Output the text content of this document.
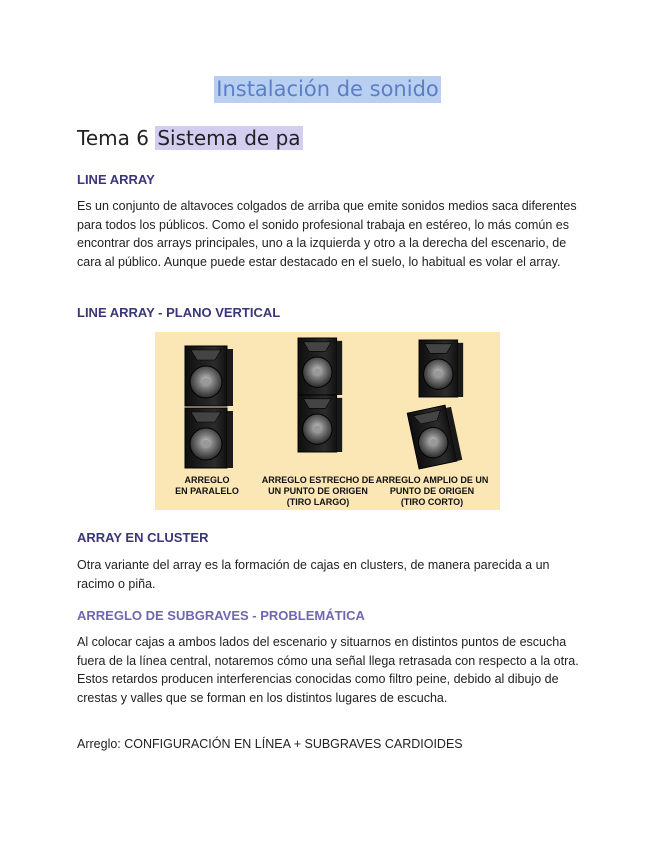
Instalación de sonido
Tema 6 Sistema de pa
LINE ARRAY

Es un conjunto de altavoces colgados de arriba que emite sonidos medios saca diferentes para todos los públicos. Como el sonido profesional trabaja en estéreo, lo más común es encontrar dos arrays principales, uno a la izquierda y otro a la derecha del escenario, de cara al público. Aunque puede estar destacado en el suelo, lo habitual es volar el array.

LINE ARRAY - PLANO VERTICAL
ARREGLO
EN PARALELO
ARREGLO ESTRECHO DE
UN PUNTO DE ORIGEN
(TIRO LARGO)
ARREGLO AMPLIO DE UN
PUNTO DE ORIGEN
(TIRO CORTO)
ARRAY EN CLUSTER

Otra variante del array es la formación de cajas en clusters, de manera parecida a un racimo o piña.

ARREGLO DE SUBGRAVES - PROBLEMÁTICA

Al colocar cajas a ambos lados del escenario y situarnos en distintos puntos de escucha fuera de la línea central, notaremos cómo una señal llega retrasada con respecto a la otra. Estos retardos producen interferencias conocidas como filtro peine, debido al dibujo de crestas y valles que se forman en los distintos lugares de escucha.

Arreglo: CONFIGURACIÓN EN LÍNEA + SUBGRAVES CARDIOIDES
